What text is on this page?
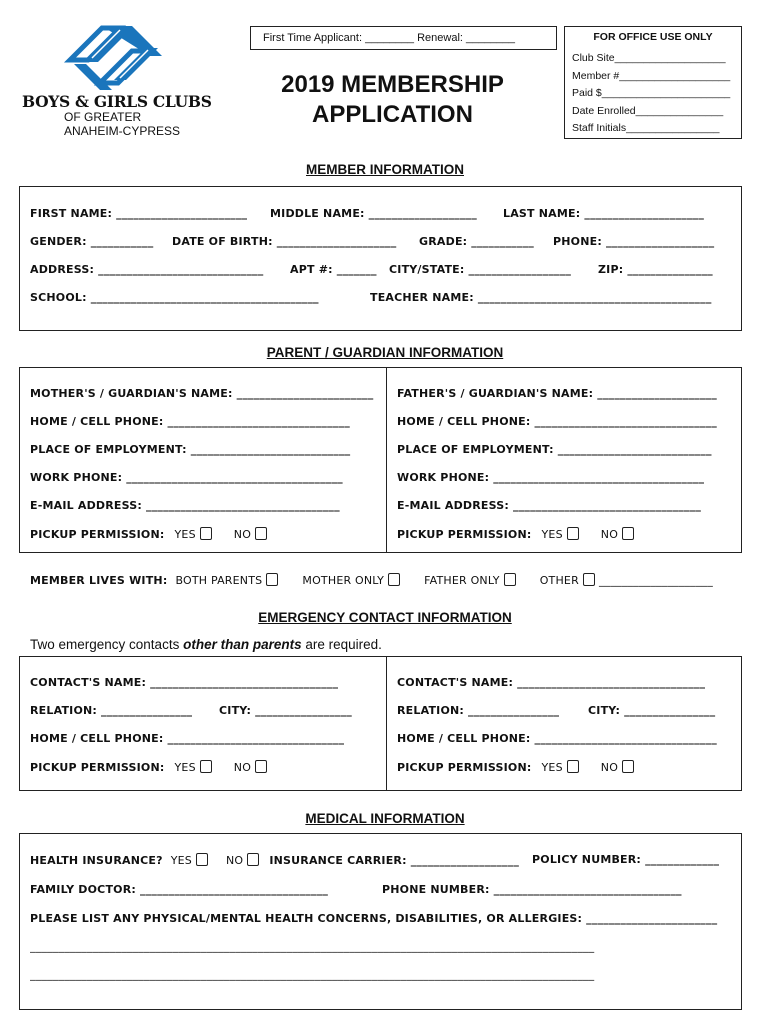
BOYS & GIRLS CLUBS
OF GREATER
ANAHEIM-CYPRESS
First Time Applicant: ________ Renewal: ________
2019 MEMBERSHIP
APPLICATION
FOR OFFICE USE ONLY
Club Site___________________
Member #___________________
Paid $______________________
Date Enrolled_______________
Staff Initials________________
MEMBER INFORMATION
FIRST NAME: _______________________ MIDDLE NAME: ___________________ LAST NAME: _____________________
GENDER: ___________ DATE OF BIRTH: _____________________ GRADE: ___________ PHONE: ___________________
ADDRESS: _____________________________ APT #: _______ CITY/STATE: __________________ ZIP: _______________
SCHOOL: ________________________________________	TEACHER NAME: _________________________________________
PARENT / GUARDIAN INFORMATION
MOTHER'S / GUARDIAN'S NAME: ________________________ FATHER'S / GUARDIAN'S NAME: _____________________
HOME / CELL PHONE: ________________________________	HOME / CELL PHONE: ________________________________
PLACE OF EMPLOYMENT: ____________________________	PLACE OF EMPLOYMENT: ___________________________
WORK PHONE: ______________________________________	WORK PHONE: _____________________________________
E-MAIL ADDRESS: __________________________________	E-MAIL ADDRESS: _________________________________
PICKUP PERMISSION: YES	NO	PICKUP PERMISSION: YES	NO
MEMBER LIVES WITH: BOTH PARENTS	MOTHER ONLY	FATHER ONLY	OTHER ____________________
EMERGENCY CONTACT INFORMATION
Two emergency contacts other than parents are required.
CONTACT'S NAME: _________________________________	CONTACT'S NAME: _________________________________
RELATION: ________________ CITY: _________________	RELATION: ________________	CITY: ________________
HOME / CELL PHONE: _______________________________	HOME / CELL PHONE: ________________________________
PICKUP PERMISSION: YES	NO	PICKUP PERMISSION: YES	NO
MEDICAL INFORMATION
HEALTH INSURANCE? YES	NO INSURANCE CARRIER: ___________________ POLICY NUMBER: _____________
FAMILY DOCTOR: _________________________________	PHONE NUMBER: _________________________________
PLEASE LIST ANY PHYSICAL/MENTAL HEALTH CONCERNS, DISABILITIES, OR ALLERGIES: _______________________
___________________________________________________________________________________________________
___________________________________________________________________________________________________
